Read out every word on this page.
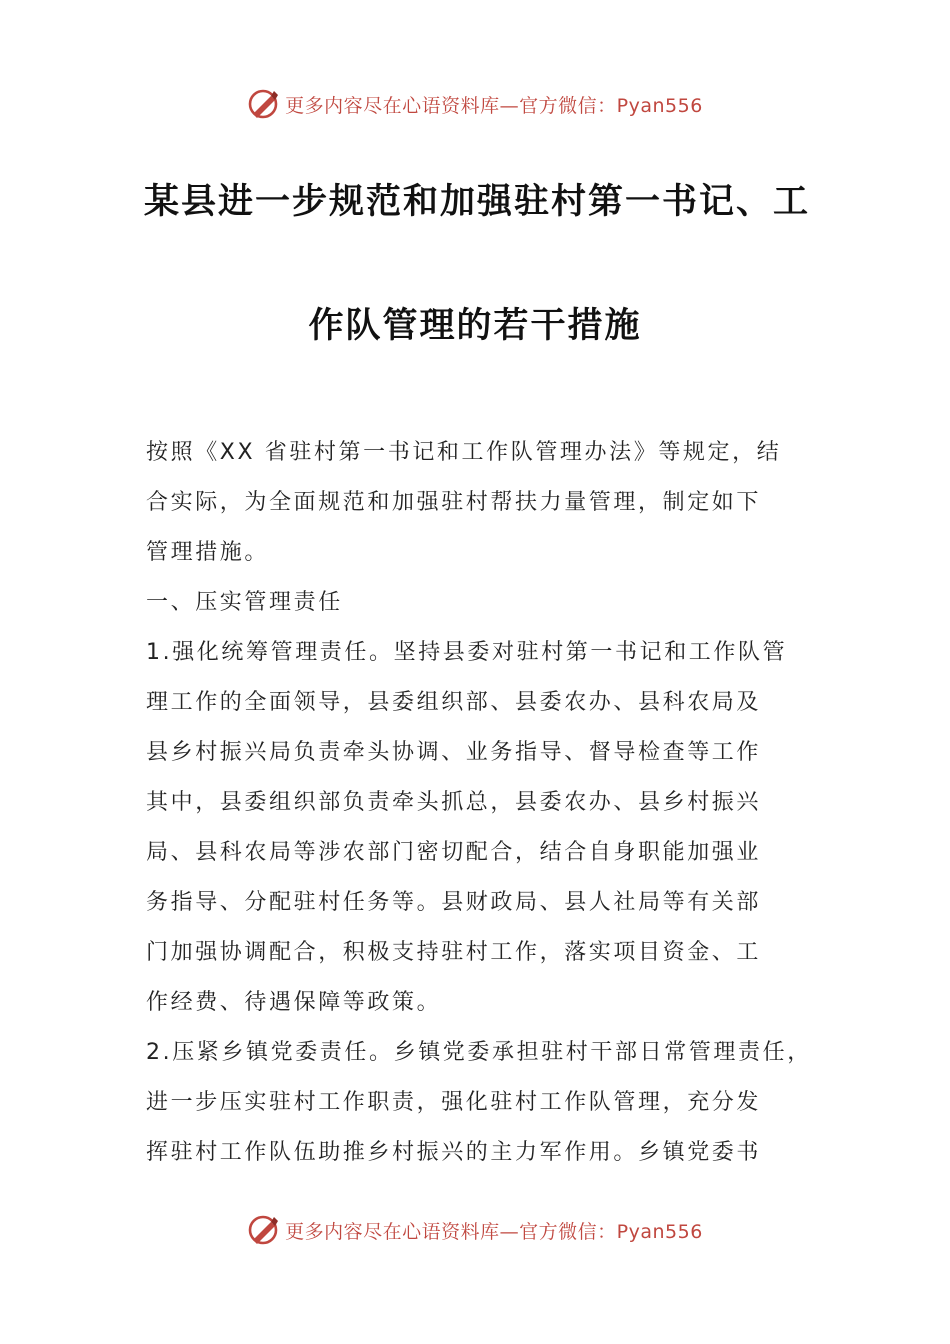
更多内容尽在心语资料库—官方微信：Pyan556
某县进一步规范和加强驻村第一书记、工
作队管理的若干措施

按照《XX 省驻村第一书记和工作队管理办法》等规定，结

合实际，为全面规范和加强驻村帮扶力量管理，制定如下

管理措施。

一、压实管理责任

1.强化统筹管理责任。坚持县委对驻村第一书记和工作队管

理工作的全面领导，县委组织部、县委农办、县科农局及

县乡村振兴局负责牵头协调、业务指导、督导检查等工作

其中，县委组织部负责牵头抓总，县委农办、县乡村振兴

局、县科农局等涉农部门密切配合，结合自身职能加强业

务指导、分配驻村任务等。县财政局、县人社局等有关部

门加强协调配合，积极支持驻村工作，落实项目资金、工

作经费、待遇保障等政策。

2.压紧乡镇党委责任。乡镇党委承担驻村干部日常管理责任，

进一步压实驻村工作职责，强化驻村工作队管理，充分发

挥驻村工作队伍助推乡村振兴的主力军作用。乡镇党委书

更多内容尽在心语资料库—官方微信：Pyan556
